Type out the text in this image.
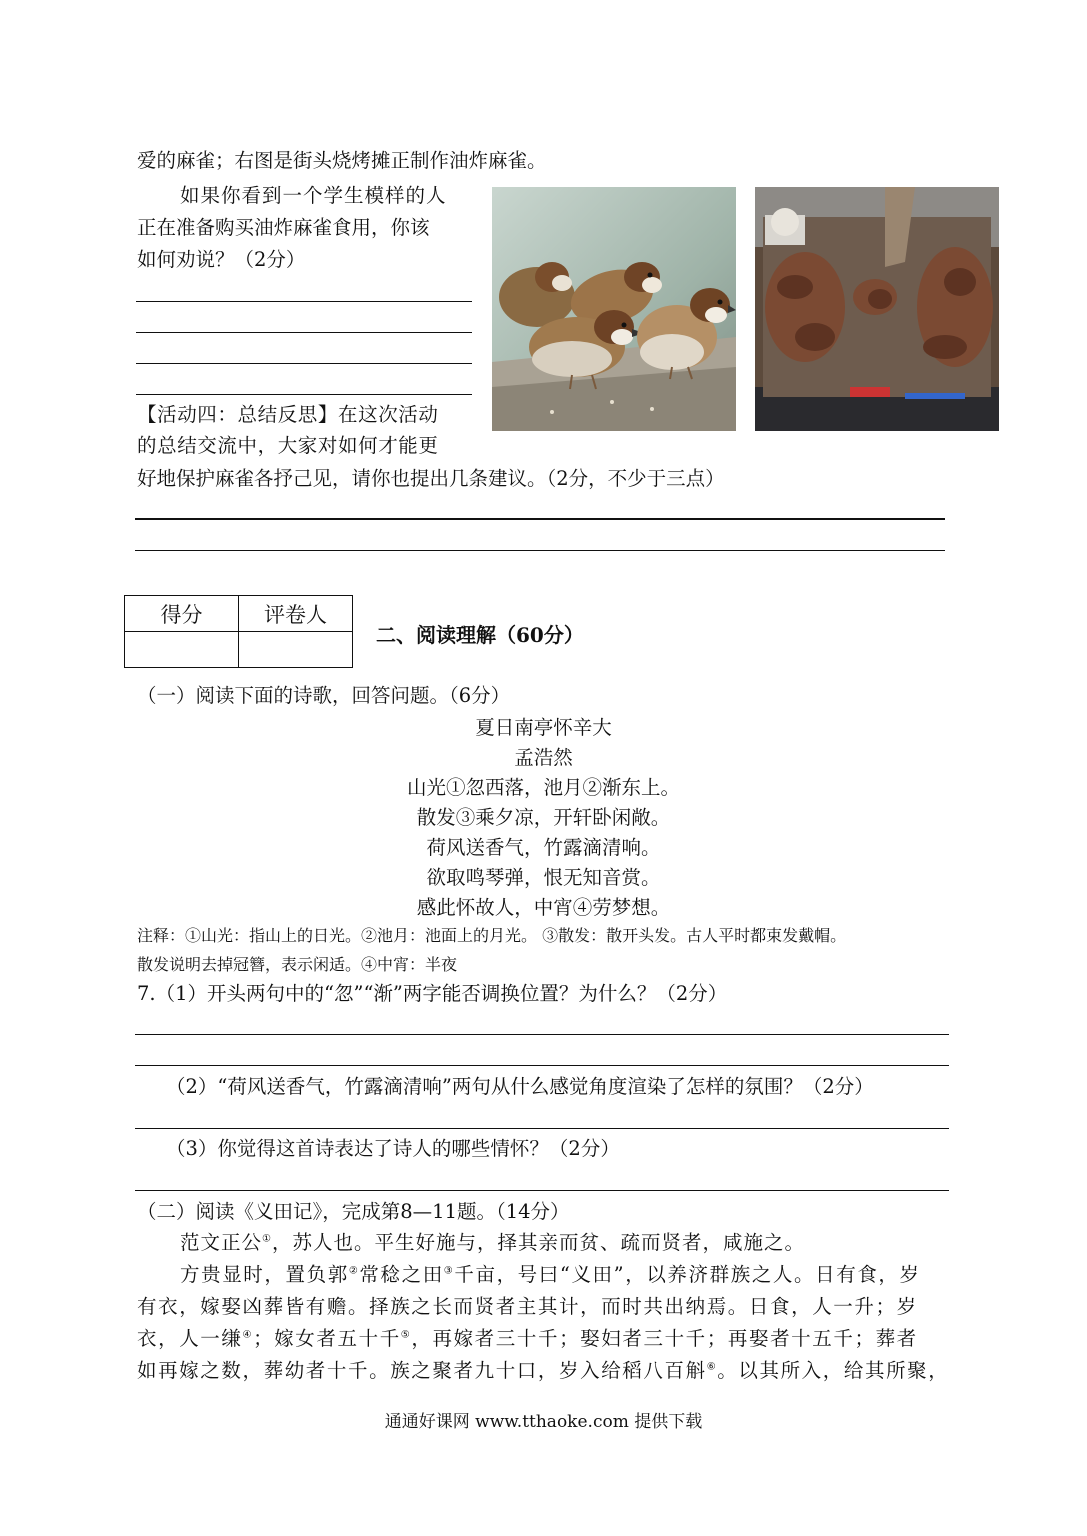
爱的麻雀；右图是街头烧烤摊正制作油炸麻雀。
如果你看到一个学生模样的人
正在准备购买油炸麻雀食用，你该
如何劝说？（2分）
【活动四：总结反思】在这次活动
的总结交流中，大家对如何才能更
好地保护麻雀各抒己见，请你也提出几条建议。（2分，不少于三点）
得分	评卷人

二、阅读理解（60分）
（一）阅读下面的诗歌，回答问题。（6分）
夏日南亭怀辛大
孟浩然
山光①忽西落，池月②渐东上。
散发③乘夕凉，开轩卧闲敞。
荷风送香气，竹露滴清响。
欲取鸣琴弹，恨无知音赏。
感此怀故人，中宵④劳梦想。
注释：①山光：指山上的日光。②池月：池面上的月光。 ③散发：散开头发。古人平时都束发戴帽。
散发说明去掉冠簪，表示闲适。④中宵：半夜
7.（1）开头两句中的“忽”“渐”两字能否调换位置？为什么？（2分）
（2）“荷风送香气，竹露滴清响”两句从什么感觉角度渲染了怎样的氛围？（2分）
（3）你觉得这首诗表达了诗人的哪些情怀？（2分）
（二）阅读《义田记》，完成第8—11题。（14分）
范文正公①，苏人也。平生好施与，择其亲而贫、疏而贤者，咸施之。
方贵显时，置负郭②常稔之田③千亩，号曰“义田”，以养济群族之人。日有食，岁
有衣，嫁娶凶葬皆有赡。择族之长而贤者主其计，而时共出纳焉。日食，人一升；岁
衣，人一缣④；嫁女者五十千⑤，再嫁者三十千；娶妇者三十千；再娶者十五千；葬者
如再嫁之数，葬幼者十千。族之聚者九十口，岁入给稻八百斛⑥。以其所入，给其所聚，
通通好课网 www.tthaoke.com 提供下载
